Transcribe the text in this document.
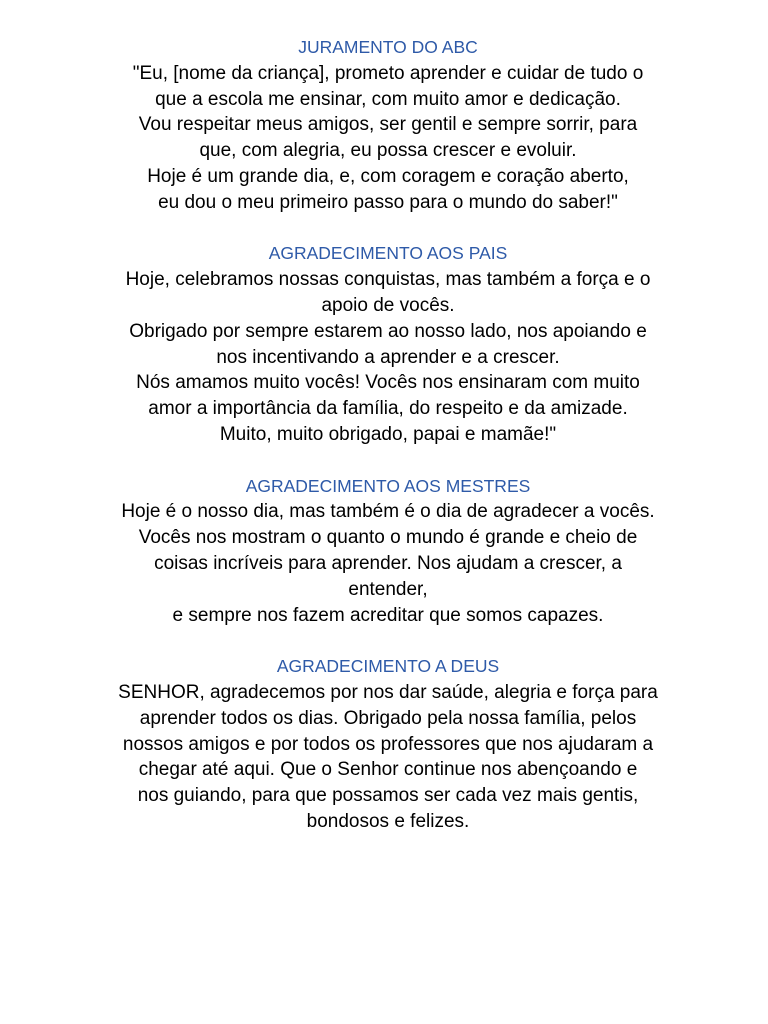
JURAMENTO DO ABC
"Eu, [nome da criança], prometo aprender e cuidar de tudo o
que a escola me ensinar, com muito amor e dedicação.
Vou respeitar meus amigos, ser gentil e sempre sorrir, para
que, com alegria, eu possa crescer e evoluir.
Hoje é um grande dia, e, com coragem e coração aberto,
eu dou o meu primeiro passo para o mundo do saber!"
AGRADECIMENTO AOS PAIS
Hoje, celebramos nossas conquistas, mas também a força e o
apoio de vocês.
Obrigado por sempre estarem ao nosso lado, nos apoiando e
nos incentivando a aprender e a crescer.
Nós amamos muito vocês! Vocês nos ensinaram com muito
amor a importância da família, do respeito e da amizade.
Muito, muito obrigado, papai e mamãe!"
AGRADECIMENTO AOS MESTRES
Hoje é o nosso dia, mas também é o dia de agradecer a vocês.
Vocês nos mostram o quanto o mundo é grande e cheio de
coisas incríveis para aprender. Nos ajudam a crescer, a
entender,
e sempre nos fazem acreditar que somos capazes.
AGRADECIMENTO A DEUS
SENHOR, agradecemos por nos dar saúde, alegria e força para
aprender todos os dias. Obrigado pela nossa família, pelos
nossos amigos e por todos os professores que nos ajudaram a
chegar até aqui. Que o Senhor continue nos abençoando e
nos guiando, para que possamos ser cada vez mais gentis,
bondosos e felizes.
